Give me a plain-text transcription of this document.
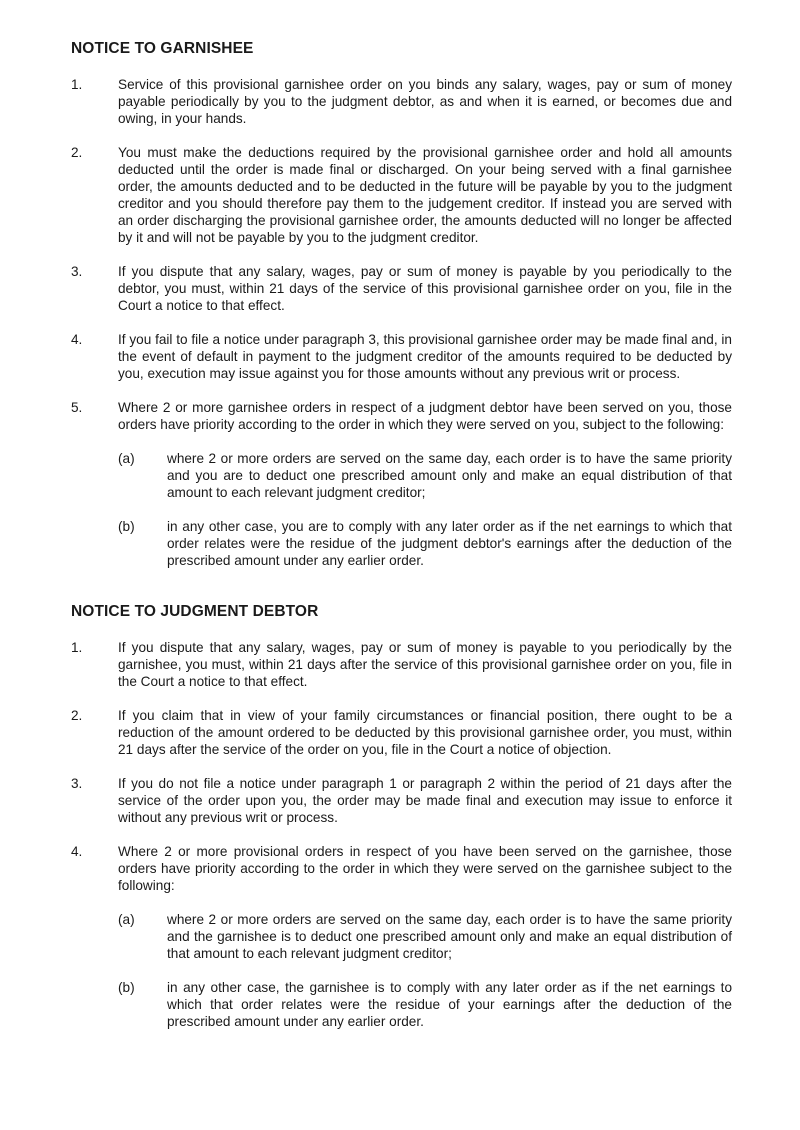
NOTICE TO GARNISHEE
1.	Service of this provisional garnishee order on you binds any salary, wages, pay or sum of money payable periodically by you to the judgment debtor, as and when it is earned, or becomes due and owing, in your hands.
2.	You must make the deductions required by the provisional garnishee order and hold all amounts deducted until the order is made final or discharged. On your being served with a final garnishee order, the amounts deducted and to be deducted in the future will be payable by you to the judgment creditor and you should therefore pay them to the judgement creditor. If instead you are served with an order discharging the provisional garnishee order, the amounts deducted will no longer be affected by it and will not be payable by you to the judgment creditor.
3.	If you dispute that any salary, wages, pay or sum of money is payable by you periodically to the debtor, you must, within 21 days of the service of this provisional garnishee order on you, file in the Court a notice to that effect.
4.	If you fail to file a notice under paragraph 3, this provisional garnishee order may be made final and, in the event of default in payment to the judgment creditor of the amounts required to be deducted by you, execution may issue against you for those amounts without any previous writ or process.
5.	Where 2 or more garnishee orders in respect of a judgment debtor have been served on you, those orders have priority according to the order in which they were served on you, subject to the following:
(a)	where 2 or more orders are served on the same day, each order is to have the same priority and you are to deduct one prescribed amount only and make an equal distribution of that amount to each relevant judgment creditor;
(b)	in any other case, you are to comply with any later order as if the net earnings to which that order relates were the residue of the judgment debtor's earnings after the deduction of the prescribed amount under any earlier order.
NOTICE TO JUDGMENT DEBTOR
1.	If you dispute that any salary, wages, pay or sum of money is payable to you periodically by the garnishee, you must, within 21 days after the service of this provisional garnishee order on you, file in the Court a notice to that effect.
2.	If you claim that in view of your family circumstances or financial position, there ought to be a reduction of the amount ordered to be deducted by this provisional garnishee order, you must, within 21 days after the service of the order on you, file in the Court a notice of objection.
3.	If you do not file a notice under paragraph 1 or paragraph 2 within the period of 21 days after the service of the order upon you, the order may be made final and execution may issue to enforce it without any previous writ or process.
4.	Where 2 or more provisional orders in respect of you have been served on the garnishee, those orders have priority according to the order in which they were served on the garnishee subject to the following:
(a)	where 2 or more orders are served on the same day, each order is to have the same priority and the garnishee is to deduct one prescribed amount only and make an equal distribution of that amount to each relevant judgment creditor;
(b)	in any other case, the garnishee is to comply with any later order as if the net earnings to which that order relates were the residue of your earnings after the deduction of the prescribed amount under any earlier order.
